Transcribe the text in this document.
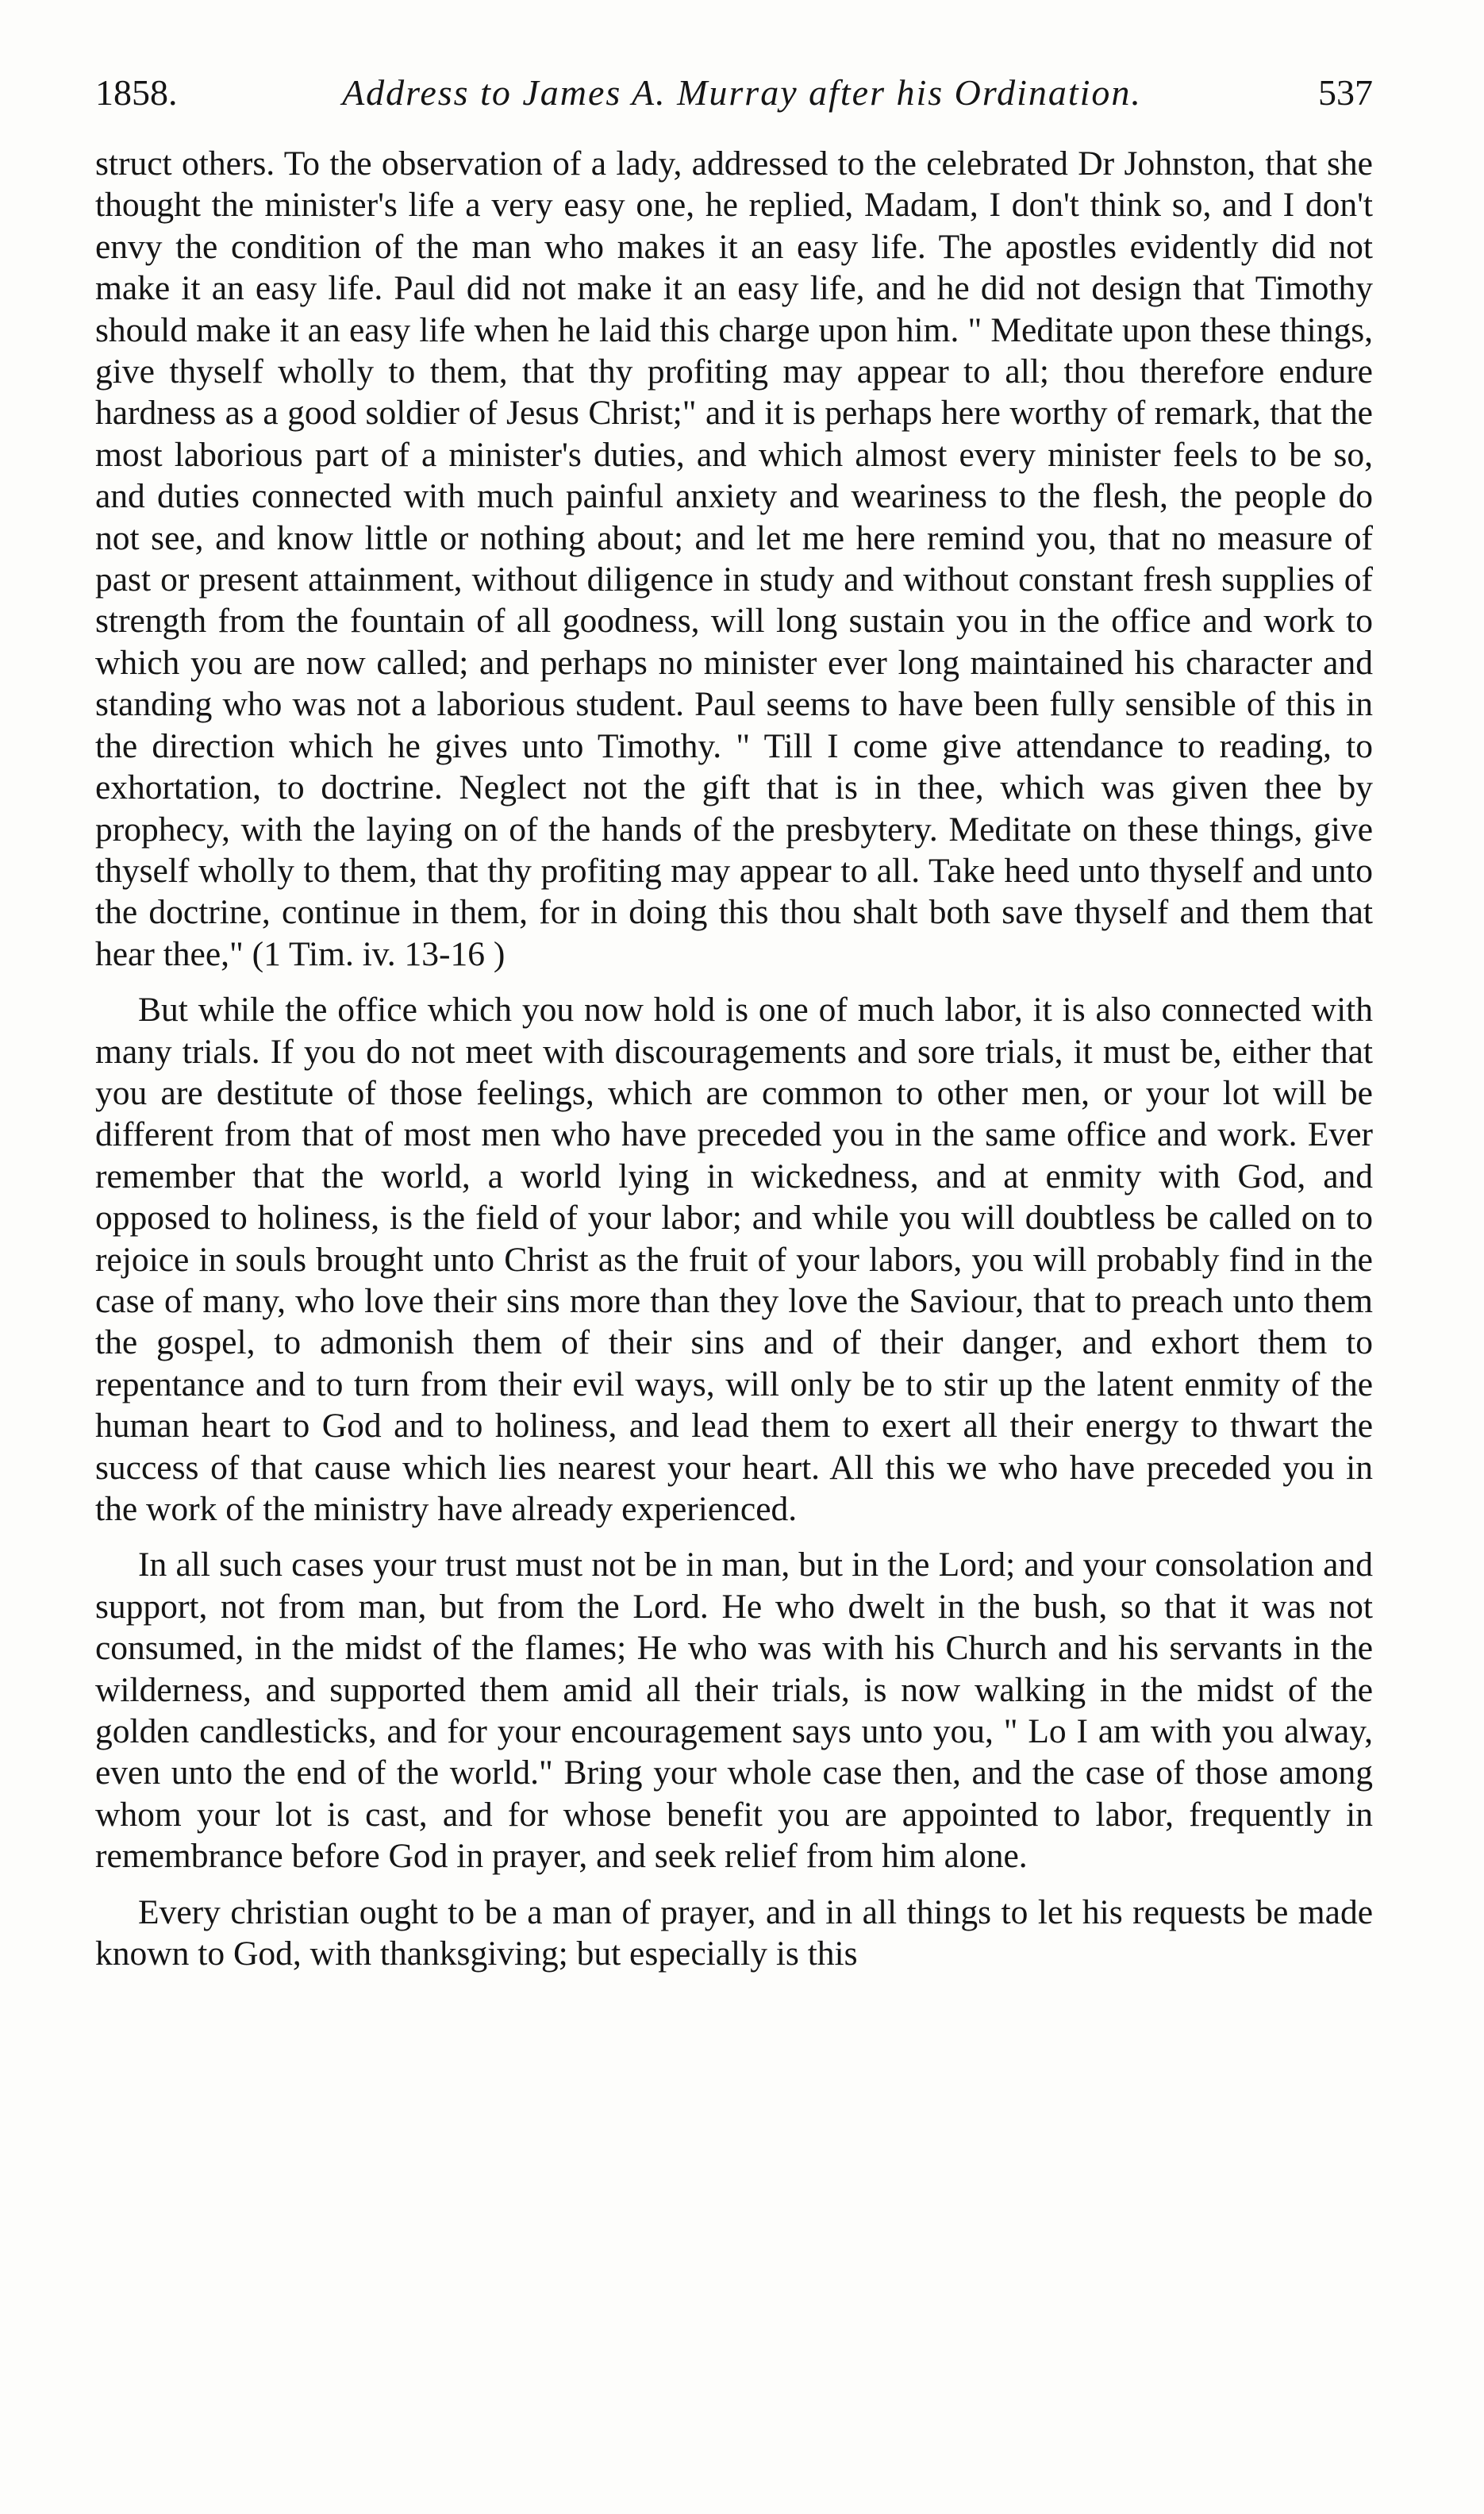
1858.	Address to James A. Murray after his Ordination.	537

struct others. To the observation of a lady, addressed to the celebrated Dr Johnston, that she thought the minister's life a very easy one, he replied, Madam, I don't think so, and I don't envy the condition of the man who makes it an easy life. The apostles evidently did not make it an easy life. Paul did not make it an easy life, and he did not design that Timothy should make it an easy life when he laid this charge upon him. " Meditate upon these things, give thyself wholly to them, that thy profiting may appear to all; thou therefore endure hardness as a good soldier of Jesus Christ;" and it is perhaps here worthy of remark, that the most laborious part of a minister's duties, and which almost every minister feels to be so, and duties connected with much painful anxiety and weariness to the flesh, the people do not see, and know little or nothing about; and let me here remind you, that no measure of past or present attainment, without diligence in study and without constant fresh supplies of strength from the fountain of all goodness, will long sustain you in the office and work to which you are now called; and perhaps no minister ever long maintained his character and standing who was not a laborious student. Paul seems to have been fully sensible of this in the direction which he gives unto Timothy. " Till I come give attendance to reading, to exhortation, to doctrine. Neglect not the gift that is in thee, which was given thee by prophecy, with the laying on of the hands of the presbytery. Meditate on these things, give thyself wholly to them, that thy profiting may appear to all. Take heed unto thyself and unto the doctrine, continue in them, for in doing this thou shalt both save thyself and them that hear thee," (1 Tim. iv. 13-16 )

But while the office which you now hold is one of much labor, it is also connected with many trials. If you do not meet with discouragements and sore trials, it must be, either that you are destitute of those feelings, which are common to other men, or your lot will be different from that of most men who have preceded you in the same office and work. Ever remember that the world, a world lying in wickedness, and at enmity with God, and opposed to holiness, is the field of your labor; and while you will doubtless be called on to rejoice in souls brought unto Christ as the fruit of your labors, you will probably find in the case of many, who love their sins more than they love the Saviour, that to preach unto them the gospel, to admonish them of their sins and of their danger, and exhort them to repentance and to turn from their evil ways, will only be to stir up the latent enmity of the human heart to God and to holiness, and lead them to exert all their energy to thwart the success of that cause which lies nearest your heart. All this we who have preceded you in the work of the ministry have already experienced.

In all such cases your trust must not be in man, but in the Lord; and your consolation and support, not from man, but from the Lord. He who dwelt in the bush, so that it was not consumed, in the midst of the flames; He who was with his Church and his servants in the wilderness, and supported them amid all their trials, is now walking in the midst of the golden candlesticks, and for your encouragement says unto you, " Lo I am with you alway, even unto the end of the world." Bring your whole case then, and the case of those among whom your lot is cast, and for whose benefit you are appointed to labor, frequently in remembrance before God in prayer, and seek relief from him alone.

Every christian ought to be a man of prayer, and in all things to let his requests be made known to God, with thanksgiving; but especially is this
